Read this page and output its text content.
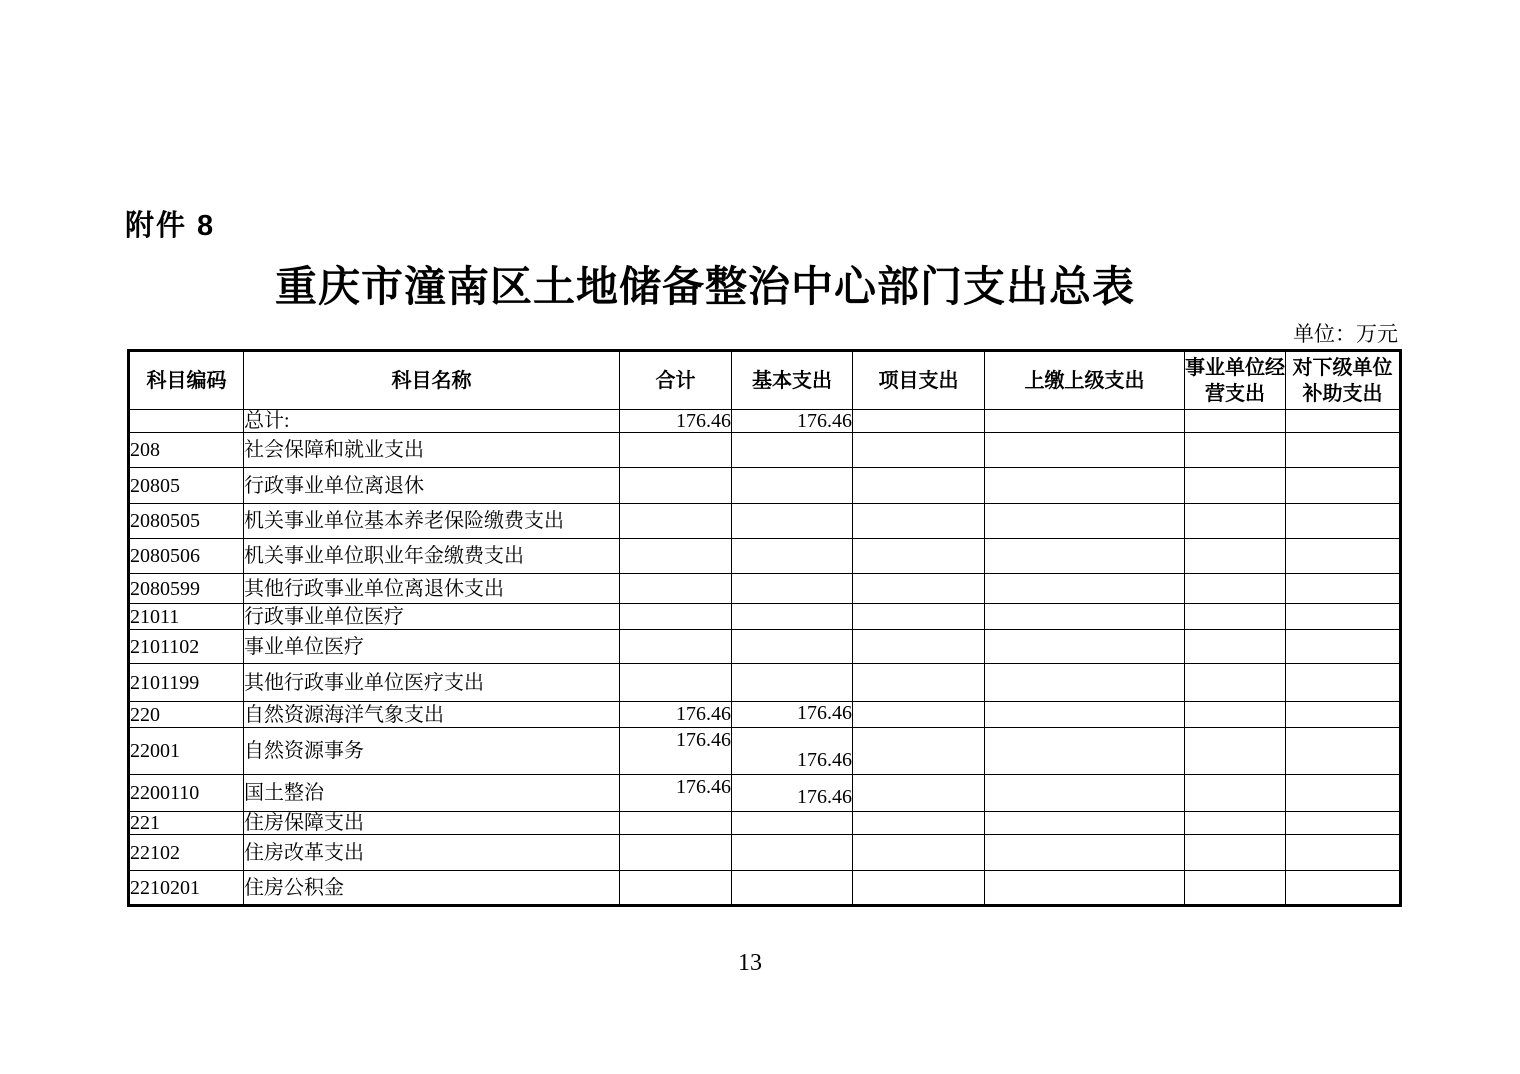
附件 8
重庆市潼南区土地储备整治中心部门支出总表
单位：万元
科目编码	科目名称	合计	基本支出	项目支出	上缴上级支出	事业单位经营支出	对下级单位补助支出
	总计:	176.46	176.46				
208	社会保障和就业支出						
20805	行政事业单位离退休						
2080505	机关事业单位基本养老保险缴费支出						
2080506	机关事业单位职业年金缴费支出						
2080599	其他行政事业单位离退休支出						
21011	行政事业单位医疗						
2101102	事业单位医疗						
2101199	其他行政事业单位医疗支出						
220	自然资源海洋气象支出	176.46	176.46				
22001	自然资源事务	176.46	176.46				
2200110	国土整治	176.46	176.46				
221	住房保障支出						
22102	住房改革支出						
2210201	住房公积金						
13
